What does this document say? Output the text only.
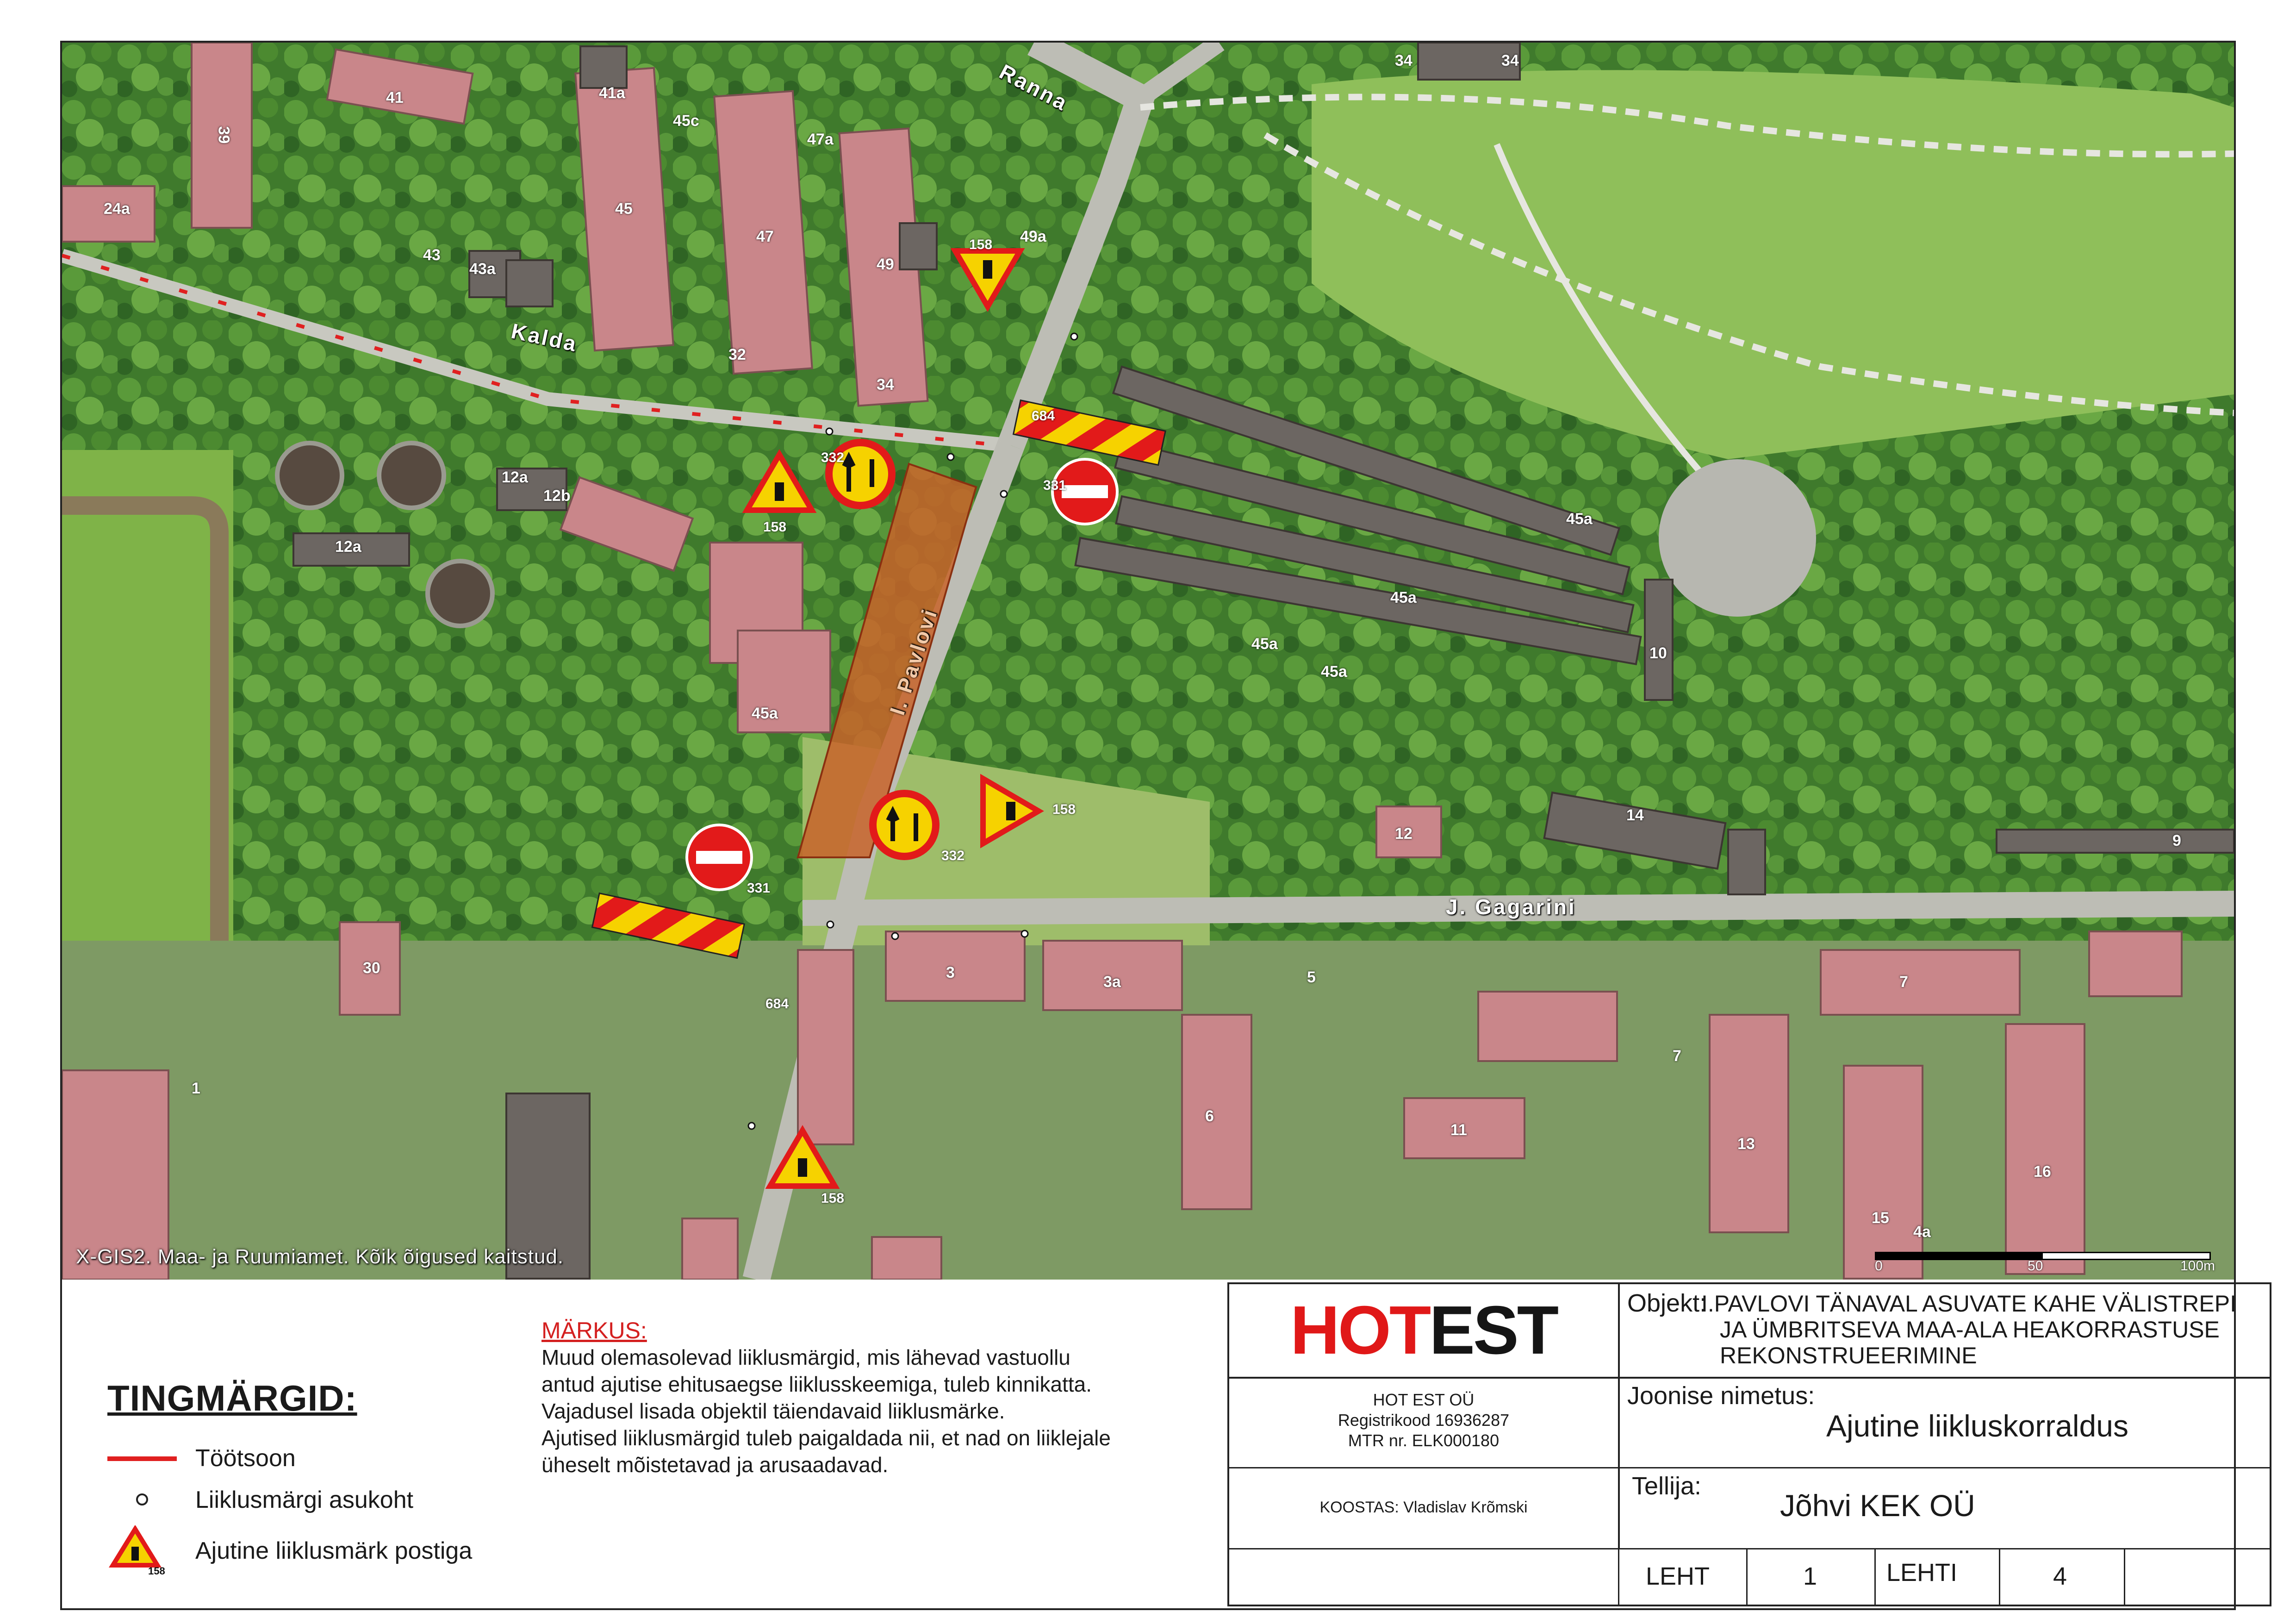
Ranna
Kalda
I. Pavlovi
J. Gagarini
39
41	41a
45
45c
47
47a
49
49a
24a
43
43a
32
34
34	34
12a
12b
12a
45a
45a
45a
45a
45a
10
12
14
9
30
1
3
3a	5
6
7
7
11
13
15
16
4a
158
158
158
158
332
332
331
331
684
684
X-GIS2. Maa- ja Ruumiamet. Kõik õigused kaitstud.	0	50	100m
TINGMÄRGID:
Töötsoon
Liiklusmärgi asukoht
158
Ajutine liiklusmärk postiga
MÄRKUS:

Muud olemasolevad liiklusmärgid, mis lähevad vastuollu

antud ajutise ehitusaegse liiklusskeemiga, tuleb kinnikatta.

Vajadusel lisada objektil täiendavaid liiklusmärke.

Ajutised liiklusmärgid tuleb paigaldada nii, et nad on liiklejale

üheselt mõistetavad ja arusaadavad.

HOT EST
HOT EST OÜ
Registrikood 16936287
MTR nr. ELK000180
KOOSTAS: Vladislav Krõmski
Objekt:
I.PAVLOVI TÄNAVAL ASUVATE KAHE VÄLISTREPI
JA ÜMBRITSEVA MAA-ALA HEAKORRASTUSE
REKONSTRUEERIMINE
Joonise nimetus:
Ajutine liikluskorraldus
Tellija:
Jõhvi KEK OÜ
LEHT	1	LEHTI	4
